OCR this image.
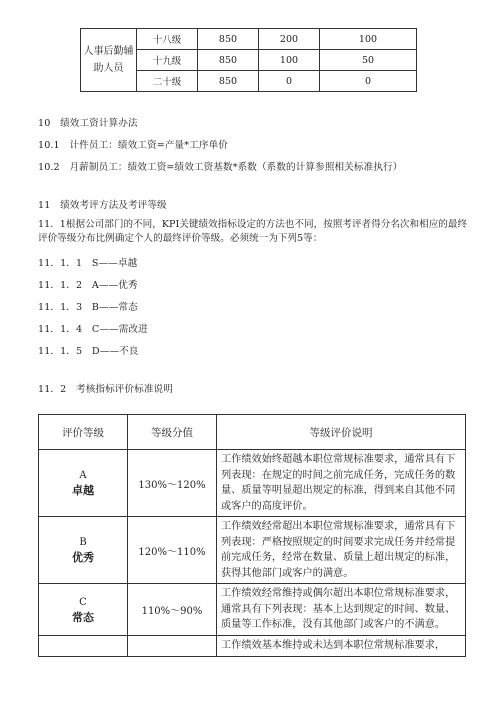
人事后勤辅助人员	十八级	850	200	100
	十九级	850	100	50
	二十级	850	0	0
10　绩效工资计算办法
10.1　计件员工：绩效工资=产量*工序单价
10.2　月薪制员工：绩效工资=绩效工资基数*系数（系数的计算参照相关标准执行）
11　绩效考评方法及考评等级
11．1根据公司部门的不同，KPI关键绩效指标设定的方法也不同，按照考评者得分名次和相应的最终评价等级分布比例确定个人的最终评价等级。必须统一为下列5等：
11．1．1　S——卓越
11．1．2　A——优秀
11．1．3　B——常态
11．1．4　C——需改进
11．1．5　D——不良
11．2　考核指标评价标准说明
评价等级	等级分值	等级评价说明
A
卓越	130%～120%	工作绩效始终超越本职位常规标准要求，通常具有下列表现：在规定的时间之前完成任务，完成任务的数量、质量等明显超出规定的标准，得到来自其他不同或客户的高度评价。
B
优秀	120%～110%	工作绩效经常超出本职位常规标准要求，通常具有下列表现：严格按照规定的时间要求完成任务并经常提前完成任务，经常在数量、质量上超出规定的标准，获得其他部门或客户的满意。
C
常态	110%～90%	工作绩效经常维持或偶尔超出本职位常规标准要求，通常具有下列表现：基本上达到规定的时间、数量、质量等工作标准，没有其他部门或客户的不满意。

		工作绩效基本维持或未达到本职位常规标准要求，
